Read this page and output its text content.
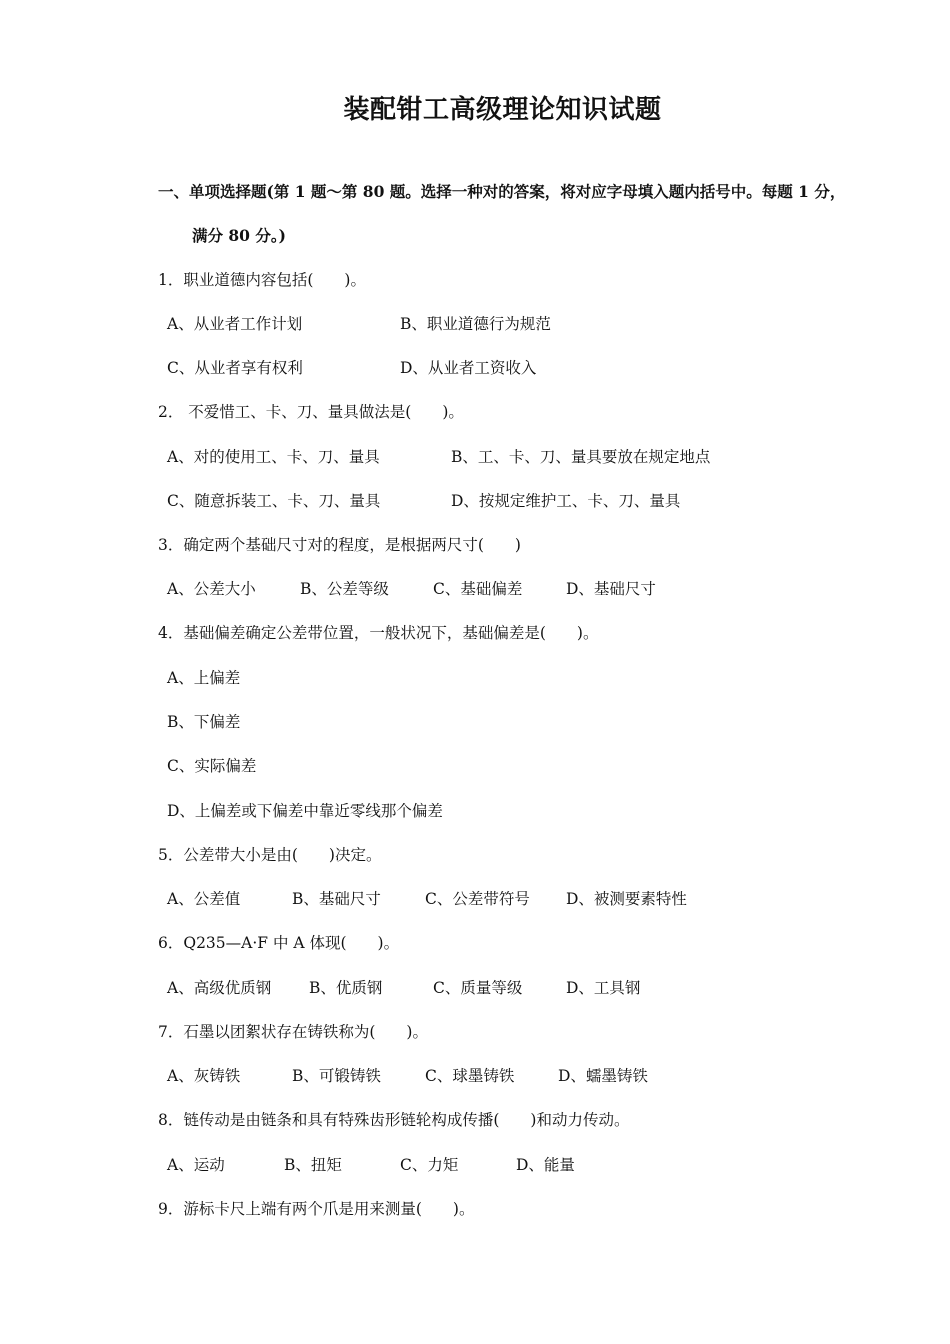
装配钳工高级理论知识试题
一、单项选择题(第 1 题～第 80 题。选择一种对的答案，将对应字母填入题内括号中。每题 1 分，
满分 80 分。)
1．职业道德内容包括(　　)。
A、从业者工作计划	B、职业道德行为规范
C、从业者享有权利	D、从业者工资收入
2． 不爱惜工、卡、刀、量具做法是(　　)。
A、对的使用工、卡、刀、量具	B、工、卡、刀、量具要放在规定地点
C、随意拆装工、卡、刀、量具	D、按规定维护工、卡、刀、量具
3．确定两个基础尺寸对的程度，是根据两尺寸(　　)
A、公差大小	B、公差等级	C、基础偏差	D、基础尺寸
4．基础偏差确定公差带位置，一般状况下，基础偏差是(　　)。
A、上偏差
B、下偏差
C、实际偏差
D、上偏差或下偏差中靠近零线那个偏差
5．公差带大小是由(　　)决定。
A、公差值	B、基础尺寸	C、公差带符号 D、被测要素特性
6．Q235—A·F 中 A 体现(　　)。
A、高级优质钢 B、优质钢	C、质量等级	D、工具钢
7．石墨以团絮状存在铸铁称为(　　)。
A、灰铸铁	B、可锻铸铁	C、球墨铸铁	D、蠕墨铸铁
8．链传动是由链条和具有特殊齿形链轮构成传播(　　)和动力传动。
A、运动	B、扭矩	C、力矩	D、能量
9．游标卡尺上端有两个爪是用来测量(　　)。
